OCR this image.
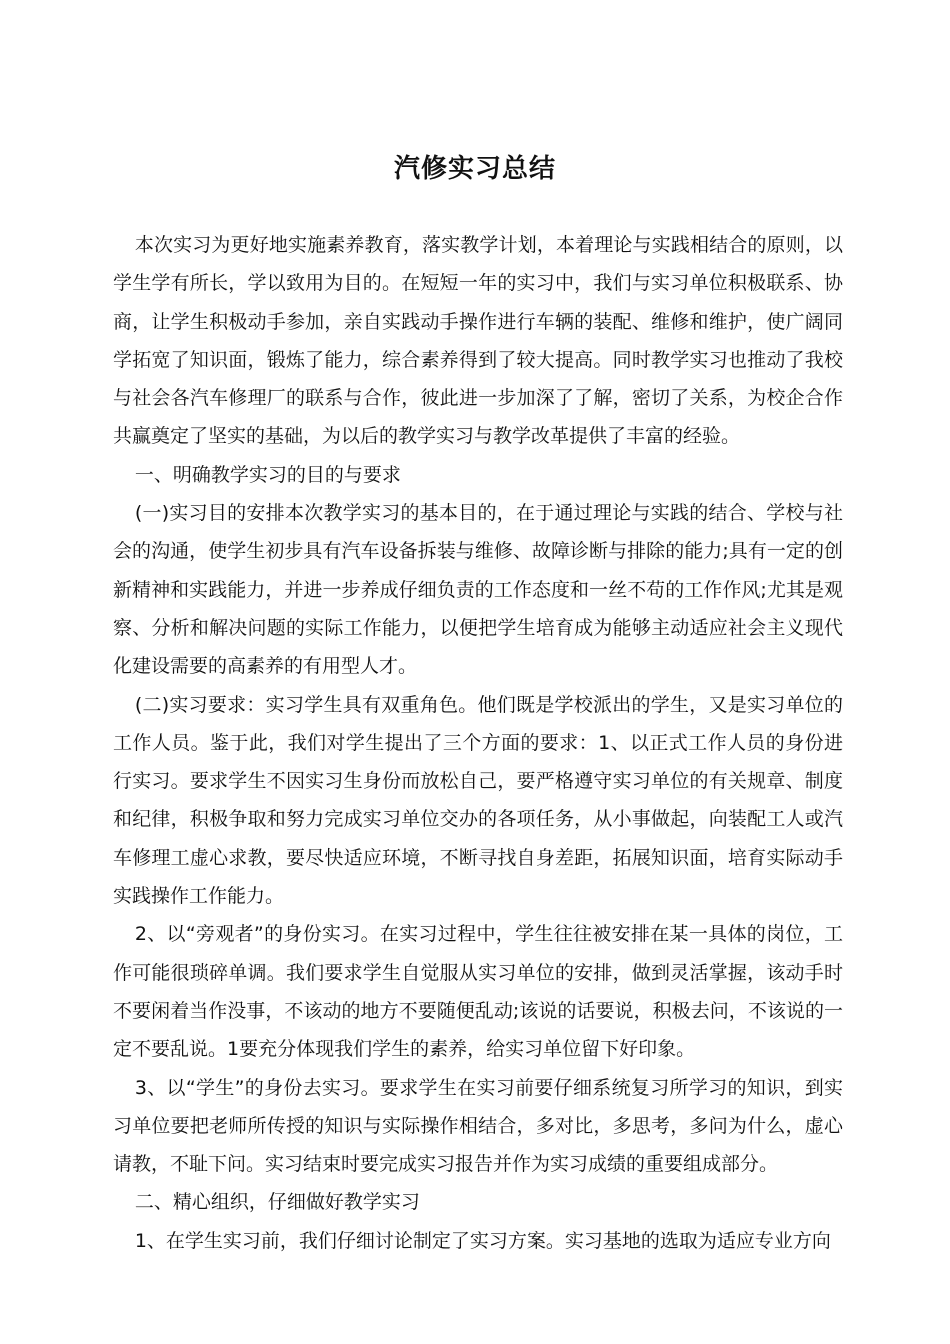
汽修实习总结

本次实习为更好地实施素养教育，落实教学计划，本着理论与实践相结合的原则，以学生学有所长，学以致用为目的。在短短一年的实习中，我们与实习单位积极联系、协商，让学生积极动手参加，亲自实践动手操作进行车辆的装配、维修和维护，使广阔同学拓宽了知识面，锻炼了能力，综合素养得到了较大提高。同时教学实习也推动了我校与社会各汽车修理厂的联系与合作，彼此进一步加深了了解，密切了关系，为校企合作共赢奠定了坚实的基础，为以后的教学实习与教学改革提供了丰富的经验。

一、明确教学实习的目的与要求

(一)实习目的安排本次教学实习的基本目的，在于通过理论与实践的结合、学校与社会的沟通，使学生初步具有汽车设备拆装与维修、故障诊断与排除的能力;具有一定的创新精神和实践能力，并进一步养成仔细负责的工作态度和一丝不苟的工作作风;尤其是观察、分析和解决问题的实际工作能力，以便把学生培育成为能够主动适应社会主义现代化建设需要的高素养的有用型人才。

(二)实习要求：实习学生具有双重角色。他们既是学校派出的学生，又是实习单位的工作人员。鉴于此，我们对学生提出了三个方面的要求：1、以正式工作人员的身份进行实习。要求学生不因实习生身份而放松自己，要严格遵守实习单位的有关规章、制度和纪律，积极争取和努力完成实习单位交办的各项任务，从小事做起，向装配工人或汽车修理工虚心求教，要尽快适应环境，不断寻找自身差距，拓展知识面，培育实际动手实践操作工作能力。

2、以“旁观者”的身份实习。在实习过程中，学生往往被安排在某一具体的岗位，工作可能很琐碎单调。我们要求学生自觉服从实习单位的安排，做到灵活掌握，该动手时不要闲着当作没事，不该动的地方不要随便乱动;该说的话要说，积极去问，不该说的一定不要乱说。1要充分体现我们学生的素养，给实习单位留下好印象。

3、以“学生”的身份去实习。要求学生在实习前要仔细系统复习所学习的知识，到实习单位要把老师所传授的知识与实际操作相结合，多对比，多思考，多问为什么，虚心请教，不耻下问。实习结束时要完成实习报告并作为实习成绩的重要组成部分。

二、精心组织，仔细做好教学实习

1、在学生实习前，我们仔细讨论制定了实习方案。实习基地的选取为适应专业方向
